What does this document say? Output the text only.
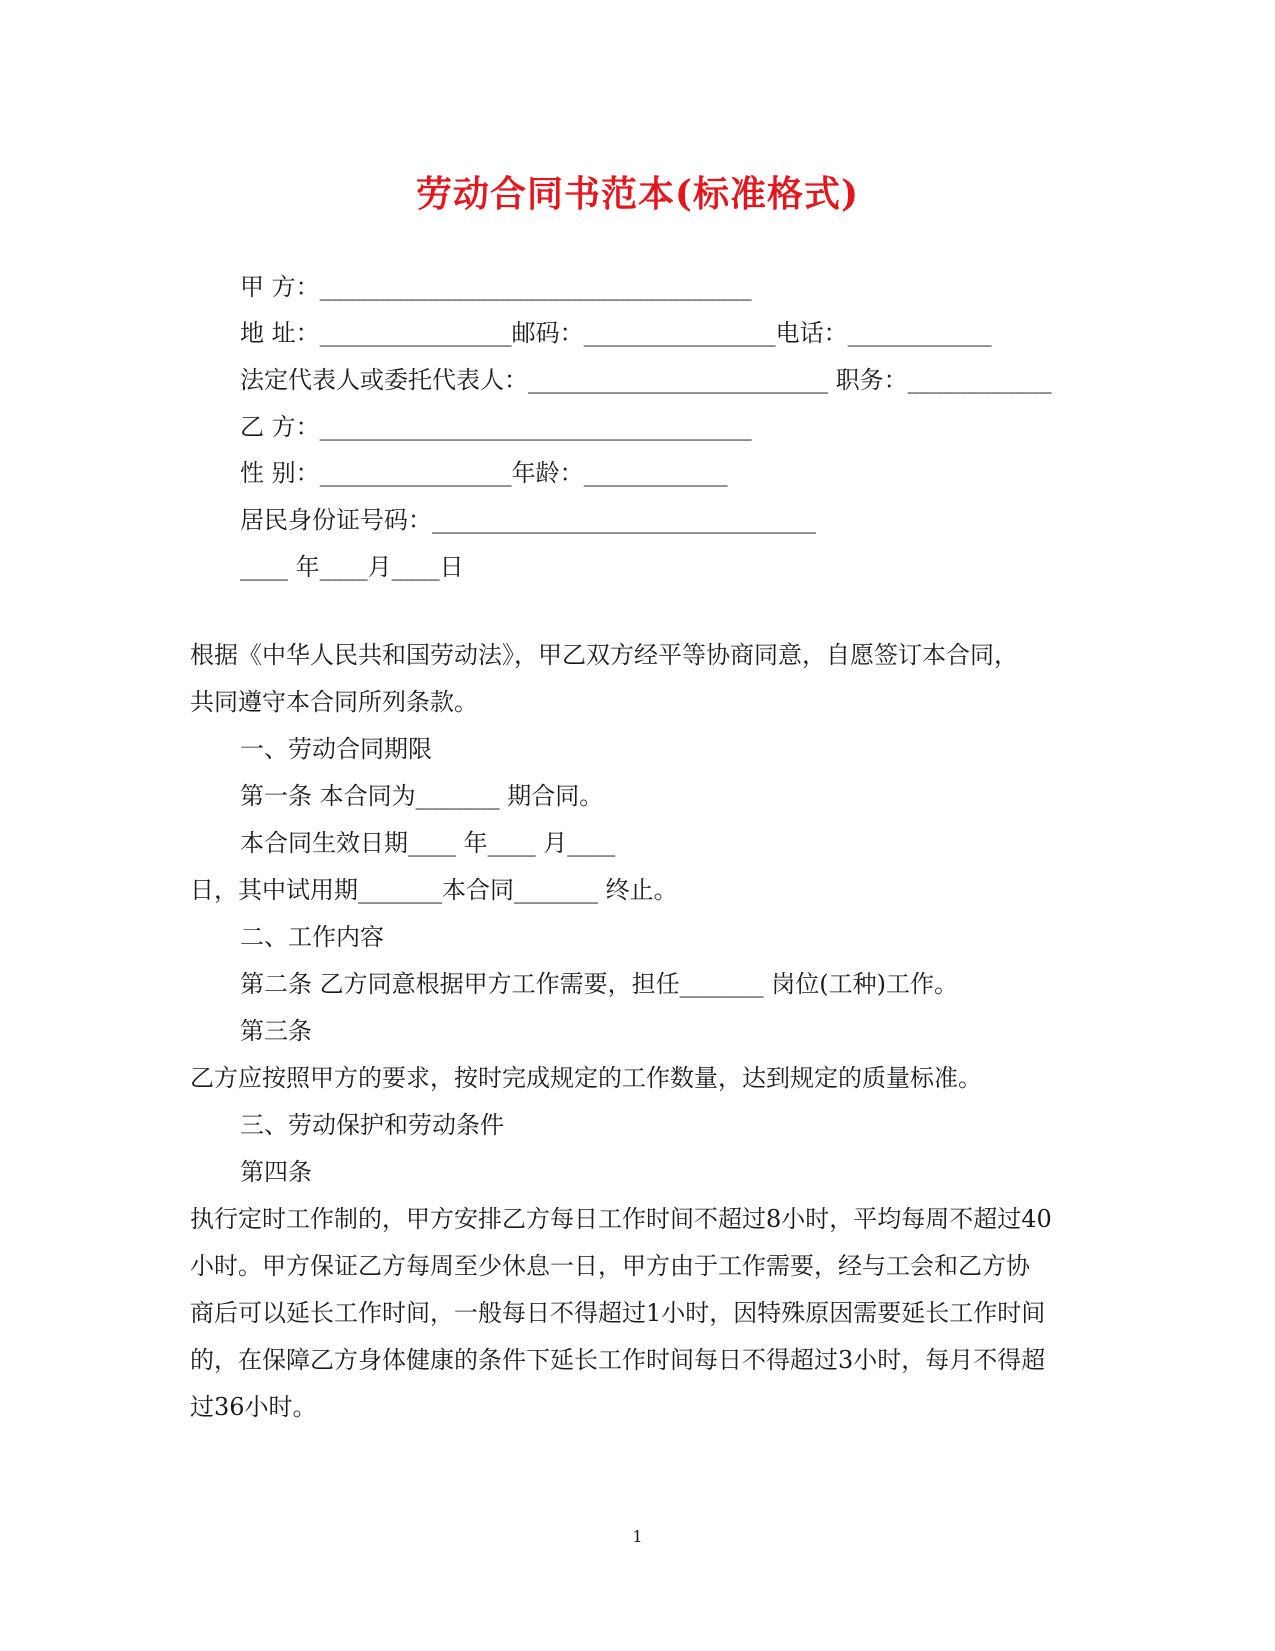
劳动合同书范本(标准格式)
甲 方：____________________________________
地 址：________________邮码：________________电话：____________
法定代表人或委托代表人：_________________________ 职务：____________
乙 方：____________________________________
性 别：________________年龄：____________
居民身份证号码：________________________________
____ 年____月____日
根据《中华人民共和国劳动法》，甲乙双方经平等协商同意，自愿签订本合同，
共同遵守本合同所列条款。
一、劳动合同期限
第一条 本合同为_______ 期合同。
本合同生效日期____ 年____ 月____
日，其中试用期_______本合同_______ 终止。
二、工作内容
第二条 乙方同意根据甲方工作需要，担任_______ 岗位(工种)工作。
第三条
乙方应按照甲方的要求，按时完成规定的工作数量，达到规定的质量标准。
三、劳动保护和劳动条件
第四条
执行定时工作制的，甲方安排乙方每日工作时间不超过8小时，平均每周不超过40
小时。甲方保证乙方每周至少休息一日，甲方由于工作需要，经与工会和乙方协
商后可以延长工作时间，一般每日不得超过1小时，因特殊原因需要延长工作时间
的，在保障乙方身体健康的条件下延长工作时间每日不得超过3小时，每月不得超
过36小时。
1
